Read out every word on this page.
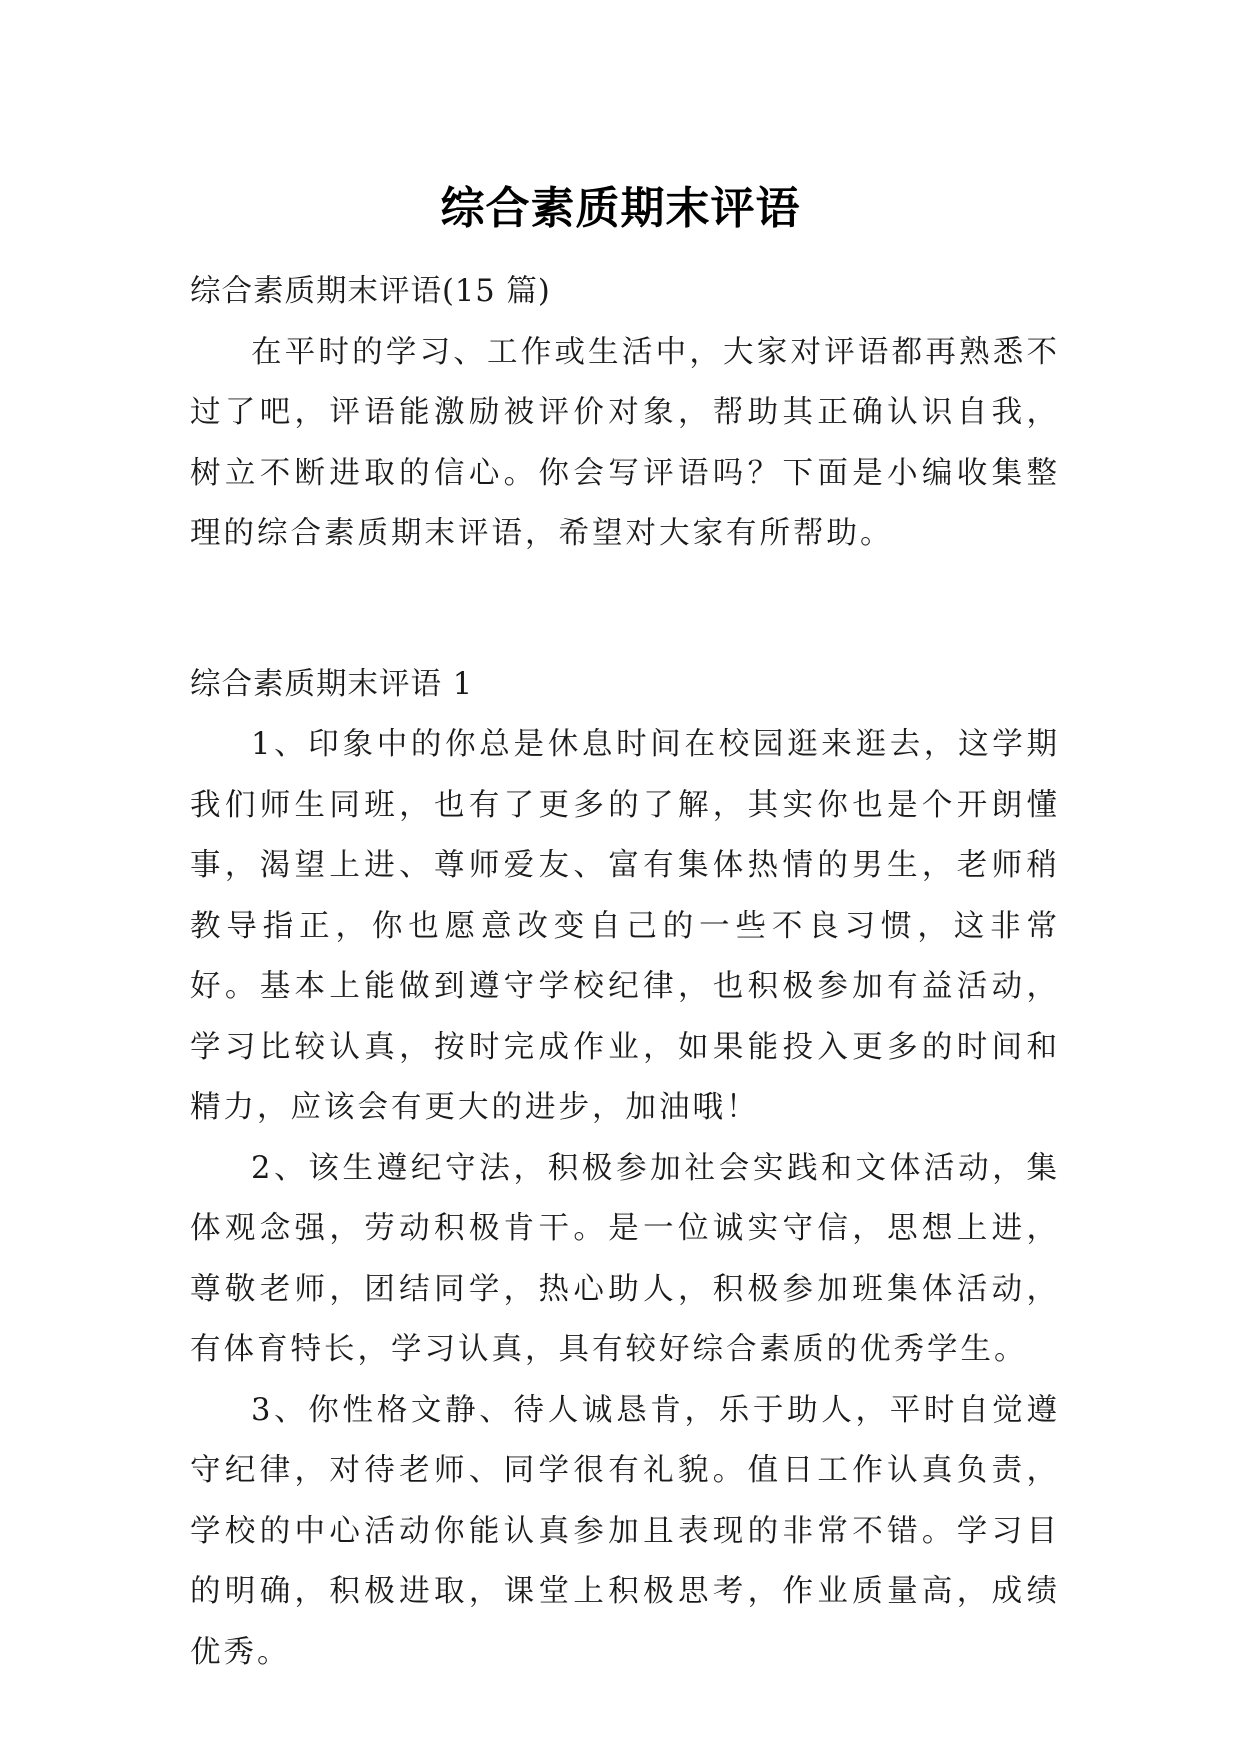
综合素质期末评语

综合素质期末评语(15 篇)

在平时的学习、工作或生活中，大家对评语都再熟悉不过了吧，评语能激励被评价对象，帮助其正确认识自我，树立不断进取的信心。你会写评语吗？下面是小编收集整理的综合素质期末评语，希望对大家有所帮助。

综合素质期末评语 1

1、印象中的你总是休息时间在校园逛来逛去，这学期我们师生同班，也有了更多的了解，其实你也是个开朗懂事，渴望上进、尊师爱友、富有集体热情的男生，老师稍教导指正，你也愿意改变自己的一些不良习惯，这非常好。基本上能做到遵守学校纪律，也积极参加有益活动，学习比较认真，按时完成作业，如果能投入更多的时间和精力，应该会有更大的进步，加油哦！

2、该生遵纪守法，积极参加社会实践和文体活动，集体观念强，劳动积极肯干。是一位诚实守信，思想上进，尊敬老师，团结同学，热心助人，积极参加班集体活动，有体育特长，学习认真，具有较好综合素质的优秀学生。

3、你性格文静、待人诚恳肯，乐于助人，平时自觉遵守纪律，对待老师、同学很有礼貌。值日工作认真负责，学校的中心活动你能认真参加且表现的非常不错。学习目的明确，积极进取，课堂上积极思考，作业质量高，成绩优秀。
